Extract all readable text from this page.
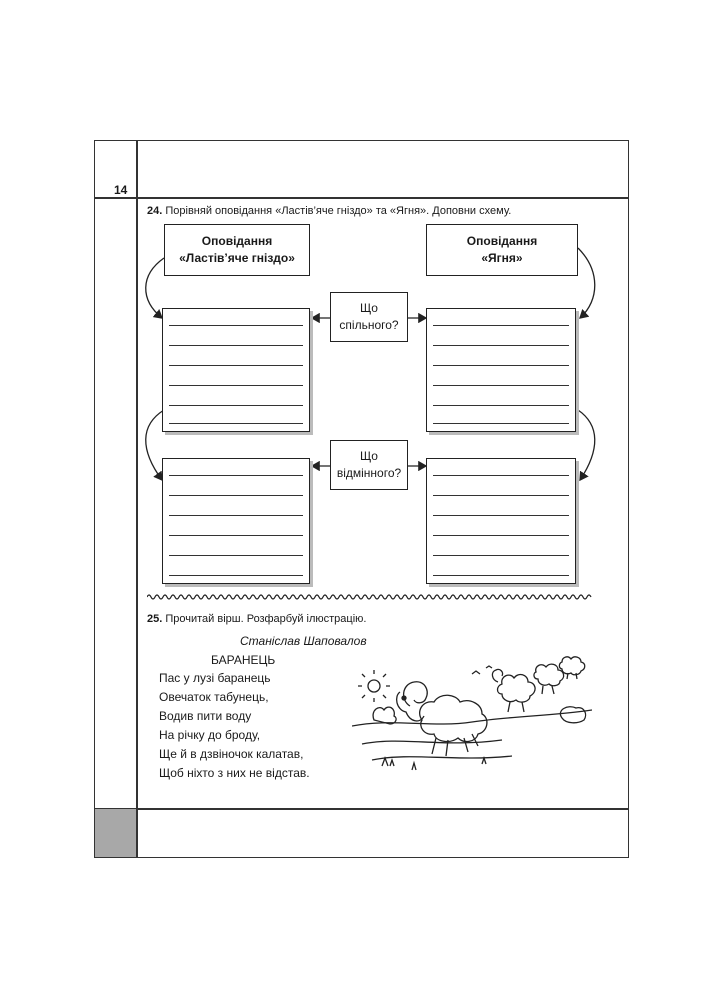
14
24. Порівняй оповідання «Ластів’яче гніздо» та «Ягня». Доповни схему.
Оповідання
«Ластів’яче гніздо»
Оповідання
«Ягня»
Що
спільного?
Що
відмінного?
25. Прочитай вірш. Розфарбуй ілюстрацію.
Станіслав Шаповалов
БАРАНЕЦЬ
Пас у лузі баранець
Овечаток табунець,
Водив пити воду
На річку до броду,
Ще й в дзвіночок калатав,
Щоб ніхто з них не відстав.
